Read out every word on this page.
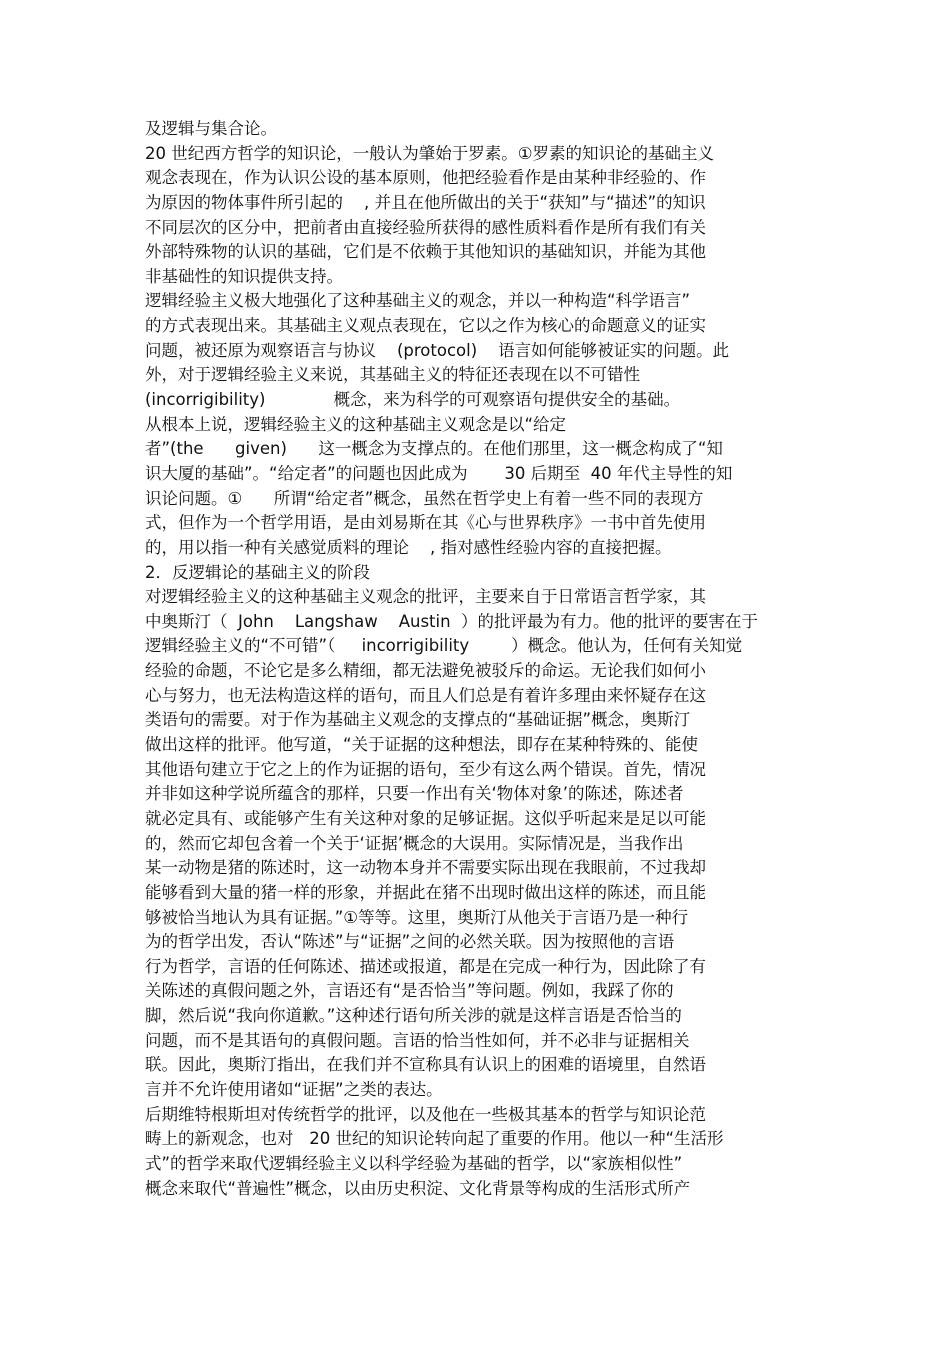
及逻辑与集合论。
20 世纪西方哲学的知识论，一般认为肇始于罗素。①罗素的知识论的基础主义
观念表现在，作为认识公设的基本原则，他把经验看作是由某种非经验的、作
为原因的物体事件所引起的    , 并且在他所做出的关于“获知”与“描述”的知识
不同层次的区分中，把前者由直接经验所获得的感性质料看作是所有我们有关
外部特殊物的认识的基础，它们是不依赖于其他知识的基础知识，并能为其他
非基础性的知识提供支持。
逻辑经验主义极大地强化了这种基础主义的观念，并以一种构造“科学语言”
的方式表现出来。其基础主义观点表现在，它以之作为核心的命题意义的证实
问题，被还原为观察语言与协议    (protocol)    语言如何能够被证实的问题。此
外，对于逻辑经验主义来说，其基础主义的特征还表现在以不可错性
(incorrigibility)             概念，来为科学的可观察语句提供安全的基础。
从根本上说，逻辑经验主义的这种基础主义观念是以“给定
者”(the      given)      这一概念为支撑点的。在他们那里，这一概念构成了“知
识大厦的基础”。“给定者”的问题也因此成为       30 后期至  40 年代主导性的知
识论问题。①      所谓“给定者”概念，虽然在哲学史上有着一些不同的表现方
式，但作为一个哲学用语，是由刘易斯在其《心与世界秩序》一书中首先使用
的，用以指一种有关感觉质料的理论    , 指对感性经验内容的直接把握。
2．反逻辑论的基础主义的阶段
对逻辑经验主义的这种基础主义观念的批评，主要来自于日常语言哲学家，其
中奥斯汀（  John    Langshaw    Austin  ）的批评最为有力。他的批评的要害在于
逻辑经验主义的“不可错”（     incorrigibility        ）概念。他认为，任何有关知觉
经验的命题，不论它是多么精细，都无法避免被驳斥的命运。无论我们如何小
心与努力，也无法构造这样的语句，而且人们总是有着许多理由来怀疑存在这
类语句的需要。对于作为基础主义观念的支撑点的“基础证据”概念，奥斯汀
做出这样的批评。他写道，“关于证据的这种想法，即存在某种特殊的、能使
其他语句建立于它之上的作为证据的语句，至少有这么两个错误。首先，情况
并非如这种学说所蕴含的那样，只要一作出有关‘物体对象’的陈述，陈述者
就必定具有、或能够产生有关这种对象的足够证据。这似乎听起来是足以可能
的，然而它却包含着一个关于‘证据’概念的大误用。实际情况是，当我作出
某一动物是猪的陈述时，这一动物本身并不需要实际出现在我眼前，不过我却
能够看到大量的猪一样的形象，并据此在猪不出现时做出这样的陈述，而且能
够被恰当地认为具有证据。”①等等。这里，奥斯汀从他关于言语乃是一种行
为的哲学出发，否认“陈述”与“证据”之间的必然关联。因为按照他的言语
行为哲学，言语的任何陈述、描述或报道，都是在完成一种行为，因此除了有
关陈述的真假问题之外，言语还有“是否恰当”等问题。例如，我踩了你的
脚，然后说“我向你道歉。”这种述行语句所关涉的就是这样言语是否恰当的
问题，而不是其语句的真假问题。言语的恰当性如何，并不必非与证据相关
联。因此，奥斯汀指出，在我们并不宣称具有认识上的困难的语境里，自然语
言并不允许使用诸如“证据”之类的表达。
后期维特根斯坦对传统哲学的批评，以及他在一些极其基本的哲学与知识论范
畴上的新观念，也对   20 世纪的知识论转向起了重要的作用。他以一种“生活形
式”的哲学来取代逻辑经验主义以科学经验为基础的哲学，以“家族相似性”
概念来取代“普遍性”概念，以由历史积淀、文化背景等构成的生活形式所产
